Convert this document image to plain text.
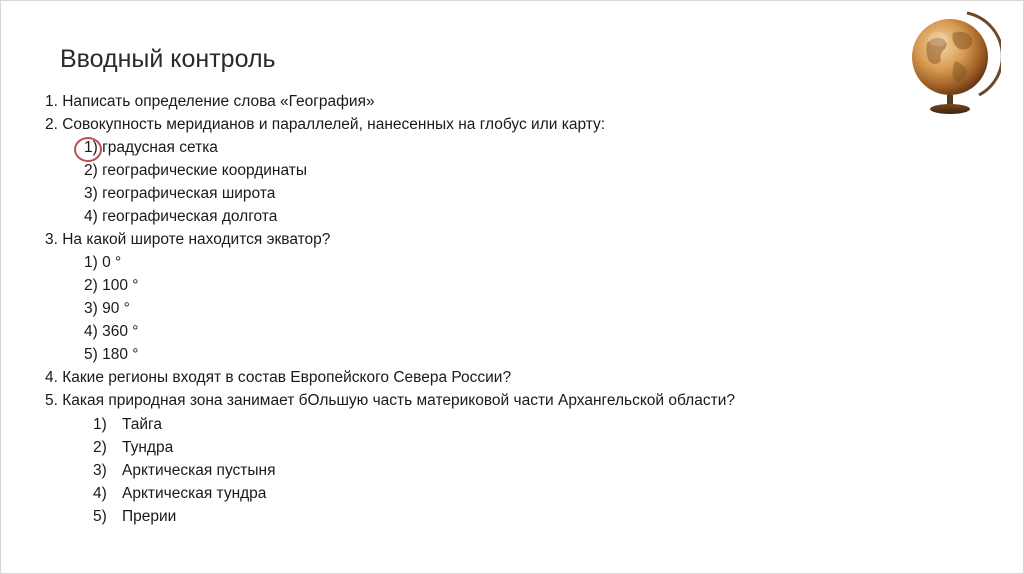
Вводный контроль
1. Написать определение слова «География»
2. Совокупность меридианов и параллелей, нанесенных на глобус или карту:
1) градусная сетка
2) географические координаты
3) географическая широта
4) географическая долгота
3. На какой широте находится экватор?
1) 0 °
2) 100 °
3) 90 °
4) 360 °
5) 180 °
4. Какие регионы входят в состав Европейского Севера России?
5. Какая природная зона занимает бОльшую часть материковой части Архангельской области?
1) Тайга
2) Тундра
3) Арктическая пустыня
4) Арктическая тундра
5) Прерии
